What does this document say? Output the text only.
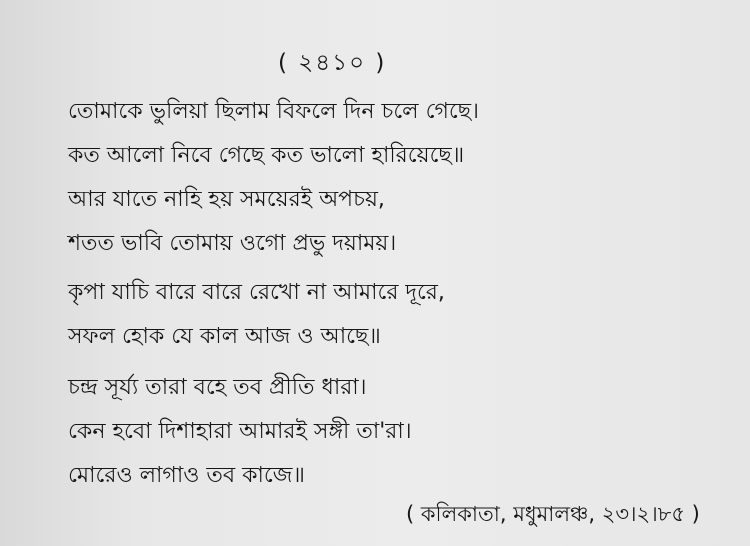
( ২৪১০ )
তোমাকে ভুলিয়া ছিলাম বিফলে দিন চলে গেছে।
কত আলো নিবে গেছে কত ভালো হারিয়েছে॥
আর যাতে নাহি হয় সময়েরই অপচয়,
শতত ভাবি তোমায় ওগো প্রভু দয়াময়।
কৃপা যাচি বারে বারে রেখো না আমারে দূরে,
সফল হোক যে কাল আজ ও আছে॥
চন্দ্র সূর্য্য তারা বহে তব প্রীতি ধারা।
কেন হবো দিশাহারা আমারই সঙ্গী তা'রা।
মোরেও লাগাও তব কাজে॥
( কলিকাতা, মধুমালঞ্চ, ২৩।২।৮৫ )
